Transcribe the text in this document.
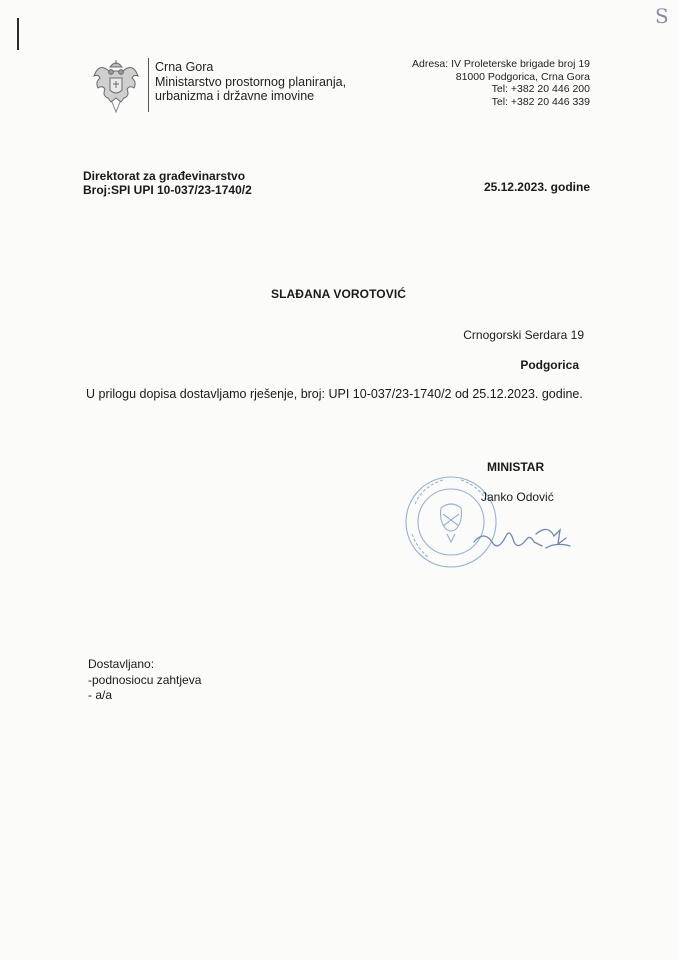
S
Crna Gora
Ministarstvo prostornog planiranja,
urbanizma i državne imovine
Adresa: IV Proleterske brigade broj 19
81000 Podgorica, Crna Gora
Tel: +382 20 446 200
Tel: +382 20 446 339
Direktorat za građevinarstvo
Broj:SPI UPI 10-037/23-1740/2	25.12.2023. godine
SLAĐANA VOROTOVIĆ
Crnogorski Serdara 19
Podgorica
U prilogu dopisa dostavljamo rješenje, broj: UPI 10-037/23-1740/2 od 25.12.2023. godine.
MINISTAR
Janko Odović
Dostavljano:
-podnosiocu zahtjeva
- a/a
